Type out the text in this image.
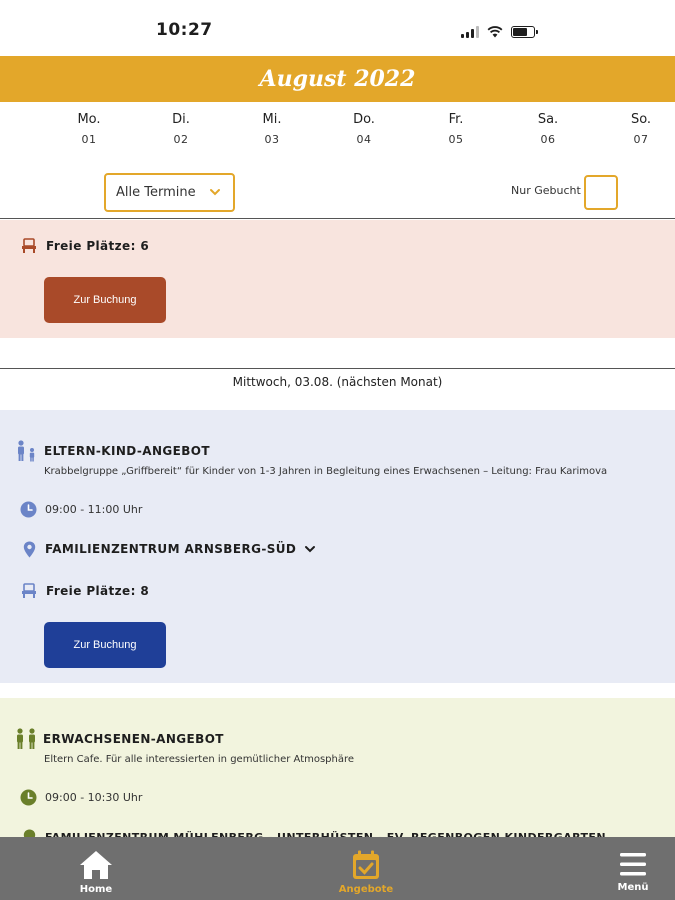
10:27
August 2022
Mo.
01
Di.
02
Mi.
03
Do.
04
Fr.
05
Sa.
06
So.
07
Alle Termine	Nur Gebucht
Freie Plätze: 6
Zur Buchung
Mittwoch, 03.08. (nächsten Monat)
ELTERN-KIND-ANGEBOT
Krabbelgruppe „Griffbereit“ für Kinder von 1-3 Jahren in Begleitung eines Erwachsenen – Leitung: Frau Karimova
09:00 - 11:00 Uhr
FAMILIENZENTRUM ARNSBERG-SÜD
Freie Plätze: 8
Zur Buchung
ERWACHSENEN-ANGEBOT
Eltern Cafe. Für alle interessierten in gemütlicher Atmosphäre
09:00 - 10:30 Uhr
Home	Angebote	Menü
